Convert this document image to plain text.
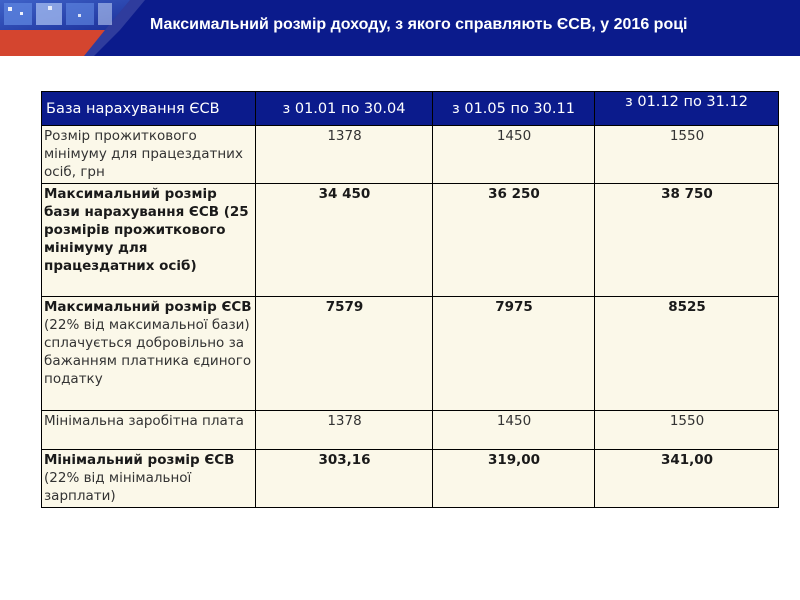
Максимальний розмір доходу, з якого справляють ЄСВ, у 2016 році
База нарахування ЄСВ	з 01.01 по 30.04	з 01.05 по 30.11	з 01.12 по 31.12
Розмір прожиткового мінімуму для працездатних осіб, грн	1378	1450	1550
Максимальний розмір бази нарахування ЄСВ (25 розмірів прожиткового мінімуму для працездатних осіб)	34 450	36 250	38 750
Максимальний розмір ЄСВ (22% від максимальної бази) сплачується добровільно за бажанням платника єдиного податку	7579	7975	8525
Мінімальна заробітна плата	1378	1450	1550
Мінімальний розмір ЄСВ (22% від мінімальної зарплати)	303,16	319,00	341,00
